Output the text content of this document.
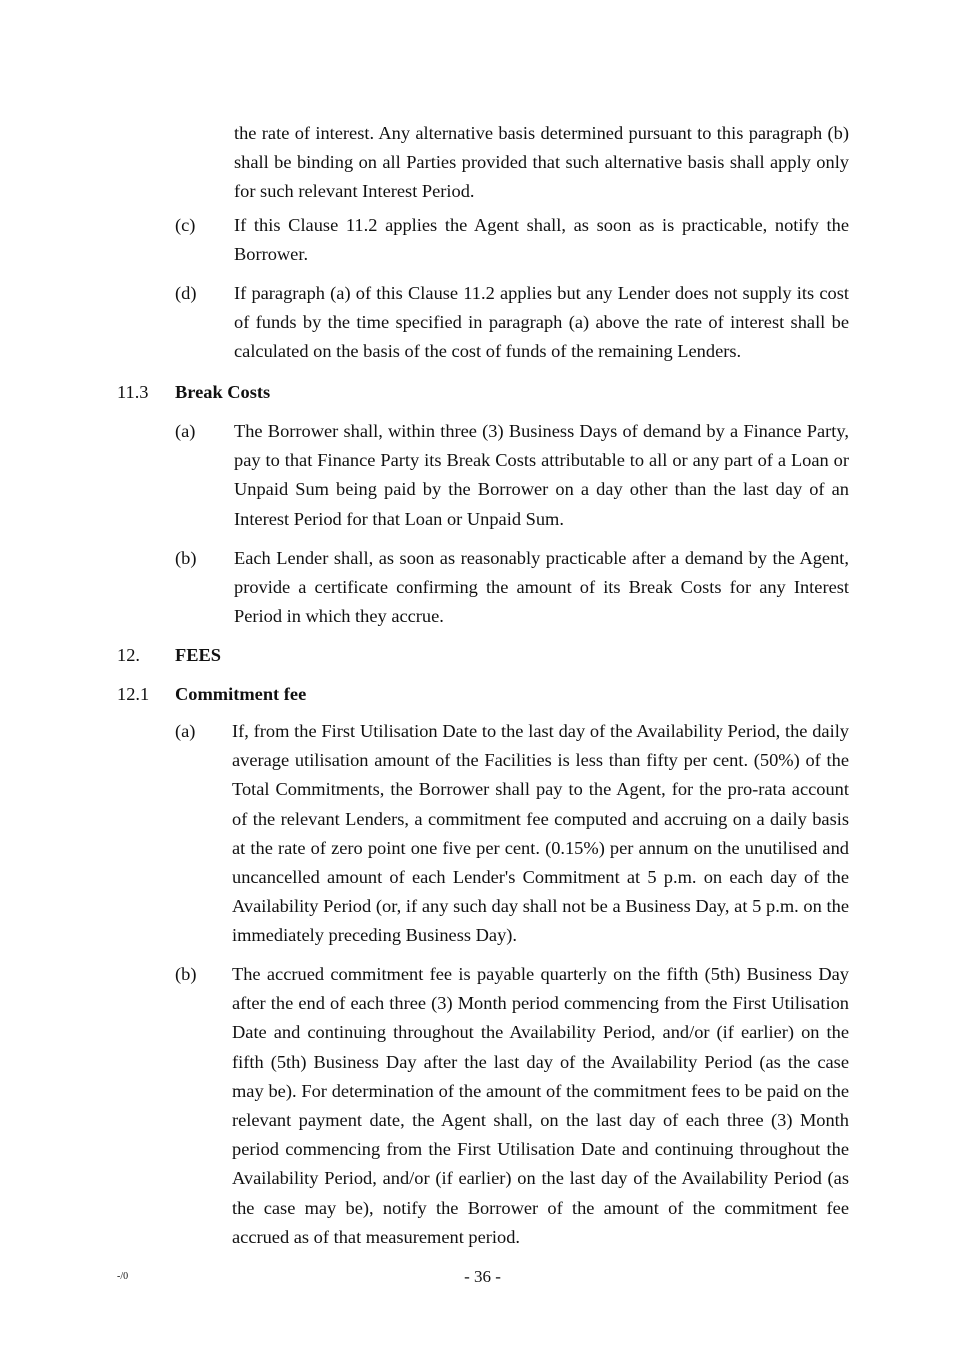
the rate of interest. Any alternative basis determined pursuant to this paragraph (b) shall be binding on all Parties provided that such alternative basis shall apply only for such relevant Interest Period.

(c) If this Clause 11.2 applies the Agent shall, as soon as is practicable, notify the Borrower.

(d) If paragraph (a) of this Clause 11.2 applies but any Lender does not supply its cost of funds by the time specified in paragraph (a) above the rate of interest shall be calculated on the basis of the cost of funds of the remaining Lenders.

11.3 Break Costs
(a) The Borrower shall, within three (3) Business Days of demand by a Finance Party, pay to that Finance Party its Break Costs attributable to all or any part of a Loan or Unpaid Sum being paid by the Borrower on a day other than the last day of an Interest Period for that Loan or Unpaid Sum.

(b) Each Lender shall, as soon as reasonably practicable after a demand by the Agent, provide a certificate confirming the amount of its Break Costs for any Interest Period in which they accrue.

12. FEES
12.1 Commitment fee
(a) If, from the First Utilisation Date to the last day of the Availability Period, the daily average utilisation amount of the Facilities is less than fifty per cent. (50%) of the Total Commitments, the Borrower shall pay to the Agent, for the pro-rata account of the relevant Lenders, a commitment fee computed and accruing on a daily basis at the rate of zero point one five per cent. (0.15%) per annum on the unutilised and uncancelled amount of each Lender's Commitment at 5 p.m. on each day of the Availability Period (or, if any such day shall not be a Business Day, at 5 p.m. on the immediately preceding Business Day).

(b) The accrued commitment fee is payable quarterly on the fifth (5th) Business Day after the end of each three (3) Month period commencing from the First Utilisation Date and continuing throughout the Availability Period, and/or (if earlier) on the fifth (5th) Business Day after the last day of the Availability Period (as the case may be). For determination of the amount of the commitment fees to be paid on the relevant payment date, the Agent shall, on the last day of each three (3) Month period commencing from the First Utilisation Date and continuing throughout the Availability Period, and/or (if earlier) on the last day of the Availability Period (as the case may be), notify the Borrower of the amount of the commitment fee accrued as of that measurement period.

-/0	- 36 -
